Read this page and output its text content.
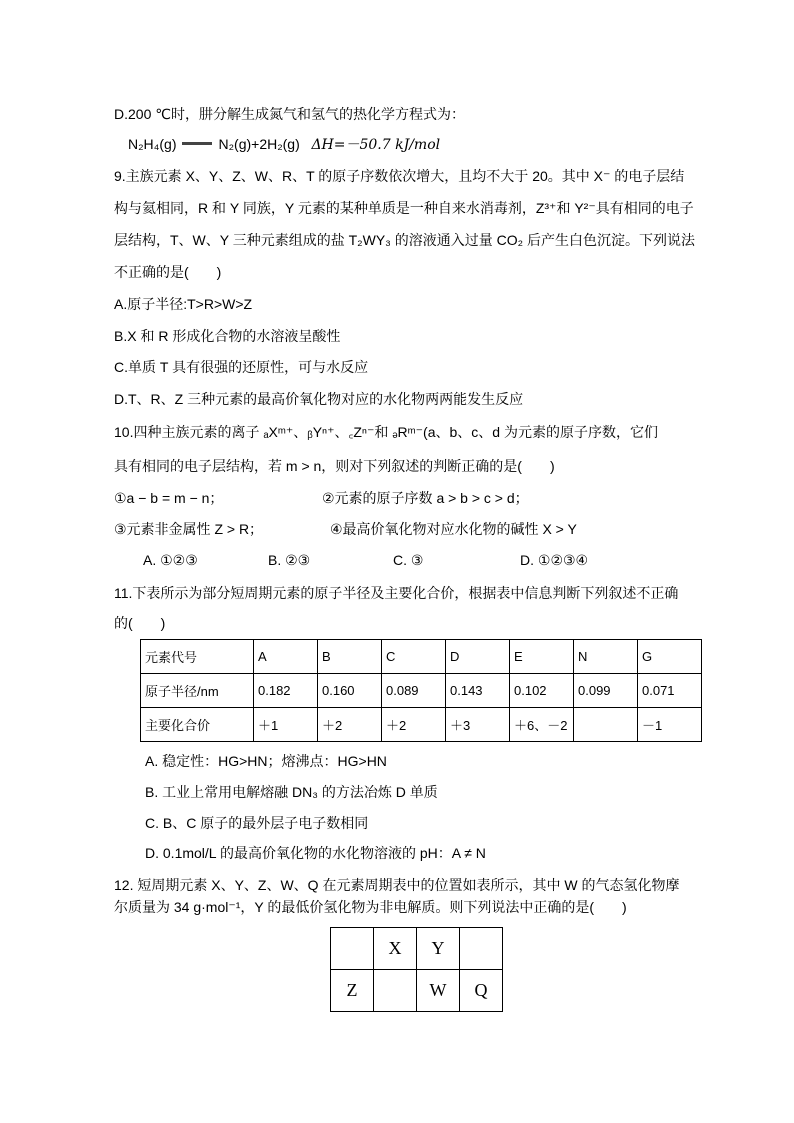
D.200 ℃时，肼分解生成氮气和氢气的热化学方程式为：
N₂H₄(g)	N₂(g)+2H₂(g) ΔH=－50.7 kJ/mol
9.主族元素 X、Y、Z、W、R、T 的原子序数依次增大，且均不大于 20。其中 X⁻ 的电子层结
构与氦相同，R 和 Y 同族，Y 元素的某种单质是一种自来水消毒剂，Z³⁺和 Y²⁻具有相同的电子
层结构，T、W、Y 三种元素组成的盐 T₂WY₃ 的溶液通入过量 CO₂ 后产生白色沉淀。下列说法
不正确的是(　　)
A.原子半径:T>R>W>Z
B.X 和 R 形成化合物的水溶液呈酸性
C.单质 T 具有很强的还原性，可与水反应
D.T、R、Z 三种元素的最高价氧化物对应的水化物两两能发生反应
10.四种主族元素的离子 ₐXᵐ⁺、ᵦYⁿ⁺、꜀Zⁿ⁻和 ₔRᵐ⁻(a、b、c、d 为元素的原子序数，它们
具有相同的电子层结构，若 m > n，则对下列叙述的判断正确的是(　　)
①a − b = m − n；	②元素的原子序数 a > b > c > d；
③元素非金属性 Z > R；	④最高价氧化物对应水化物的碱性 X > Y
A. ①②③	B. ②③	C. ③	D. ①②③④
11.下表所示为部分短周期元素的原子半径及主要化合价，根据表中信息判断下列叙述不正确
的(　　)
元素代号	A	B	C	D	E	N	G
原子半径/nm	0.182	0.160	0.089	0.143	0.102	0.099	0.071
主要化合价	＋1	＋2	＋2	＋3	＋6、－2		－1
A. 稳定性：HG>HN；熔沸点：HG>HN
B. 工业上常用电解熔融 DN₃ 的方法冶炼 D 单质
C. B、C 原子的最外层子电子数相同
D. 0.1mol/L 的最高价氧化物的水化物溶液的 pH：A ≠ N
12. 短周期元素 X、Y、Z、W、Q 在元素周期表中的位置如表所示，其中 W 的气态氢化物摩
尔质量为 34 g·mol⁻¹，Y 的最低价氢化物为非电解质。则下列说法中正确的是(　　)
	X	Y	
Z		W	Q
